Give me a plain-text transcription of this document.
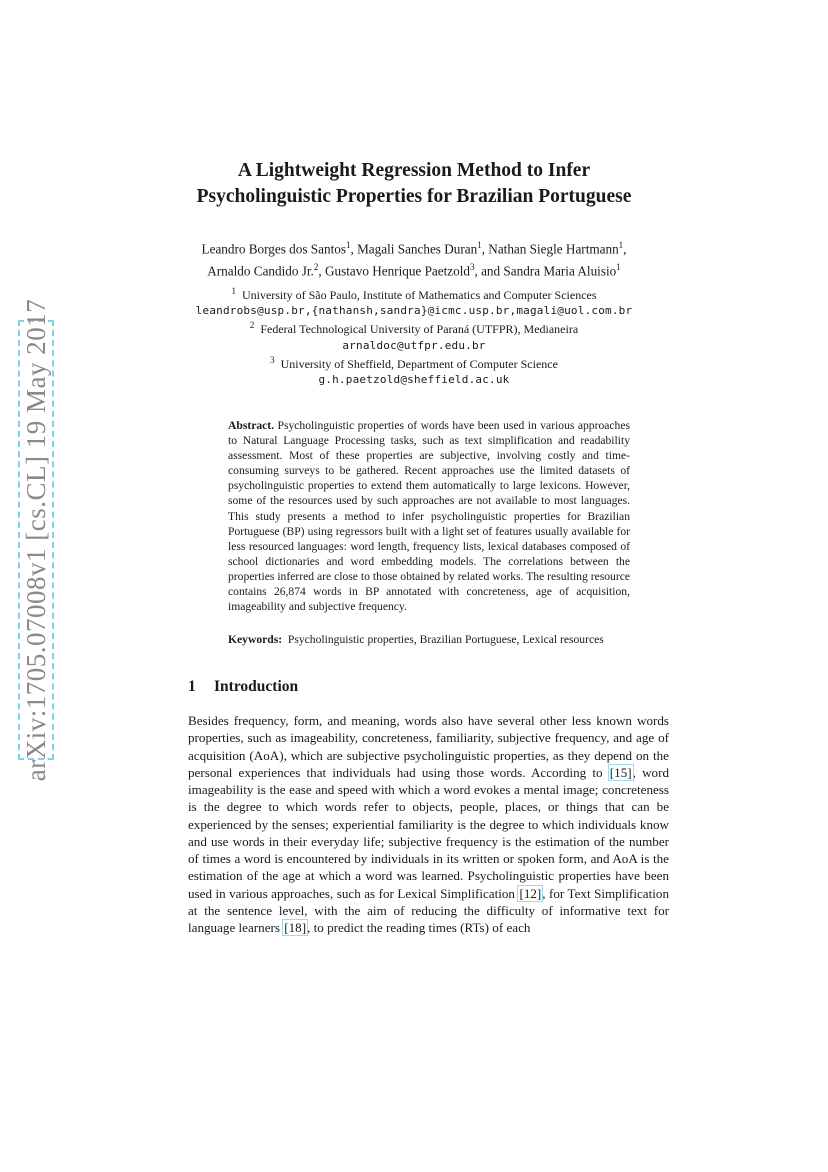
arXiv:1705.07008v1 [cs.CL] 19 May 2017
A Lightweight Regression Method to Infer
Psycholinguistic Properties for Brazilian Portuguese
Leandro Borges dos Santos$^1$, Magali Sanches Duran$^1$, Nathan Siegle Hartmann$^1$,
Arnaldo Candido Jr.$^2$, Gustavo Henrique Paetzold$^3$, and Sandra Maria Aluisio$^1$
$^1$ University of São Paulo, Institute of Mathematics and Computer Sciences
leandrobs@usp.br,{nathansh,sandra}@icmc.usp.br,magali@uol.com.br
$^2$ Federal Technological University of Paraná (UTFPR), Medianeira
arnaldoc@utfpr.edu.br
$^3$ University of Sheffield, Department of Computer Science
g.h.paetzold@sheffield.ac.uk
Abstract. Psycholinguistic properties of words have been used in various approaches to Natural Language Processing tasks, such as text simplification and readability assessment. Most of these properties are subjective, involving costly and time-consuming surveys to be gathered. Recent approaches use the limited datasets of psycholinguistic properties to extend them automatically to large lexicons. However, some of the resources used by such approaches are not available to most languages. This study presents a method to infer psycholinguistic properties for Brazilian Portuguese (BP) using regressors built with a light set of features usually available for less resourced languages: word length, frequency lists, lexical databases composed of school dictionaries and word embedding models. The correlations between the properties inferred are close to those obtained by related works. The resulting resource contains 26,874 words in BP annotated with concreteness, age of acquisition, imageability and subjective frequency.
Keywords: Psycholinguistic properties, Brazilian Portuguese, Lexical resources
1 Introduction
Besides frequency, form, and meaning, words also have several other less known words properties, such as imageability, concreteness, familiarity, subjective frequency, and age of acquisition (AoA), which are subjective psycholinguistic properties, as they depend on the personal experiences that individuals had using those words. According to [15], word imageability is the ease and speed with which a word evokes a mental image; concreteness is the degree to which words refer to objects, people, places, or things that can be experienced by the senses; experiential familiarity is the degree to which individuals know and use words in their everyday life; subjective frequency is the estimation of the number of times a word is encountered by individuals in its written or spoken form, and AoA is the estimation of the age at which a word was learned. Psycholinguistic properties have been used in various approaches, such as for Lexical Simplification [12], for Text Simplification at the sentence level, with the aim of reducing the difficulty of informative text for language learners [18], to predict the reading times (RTs) of each
